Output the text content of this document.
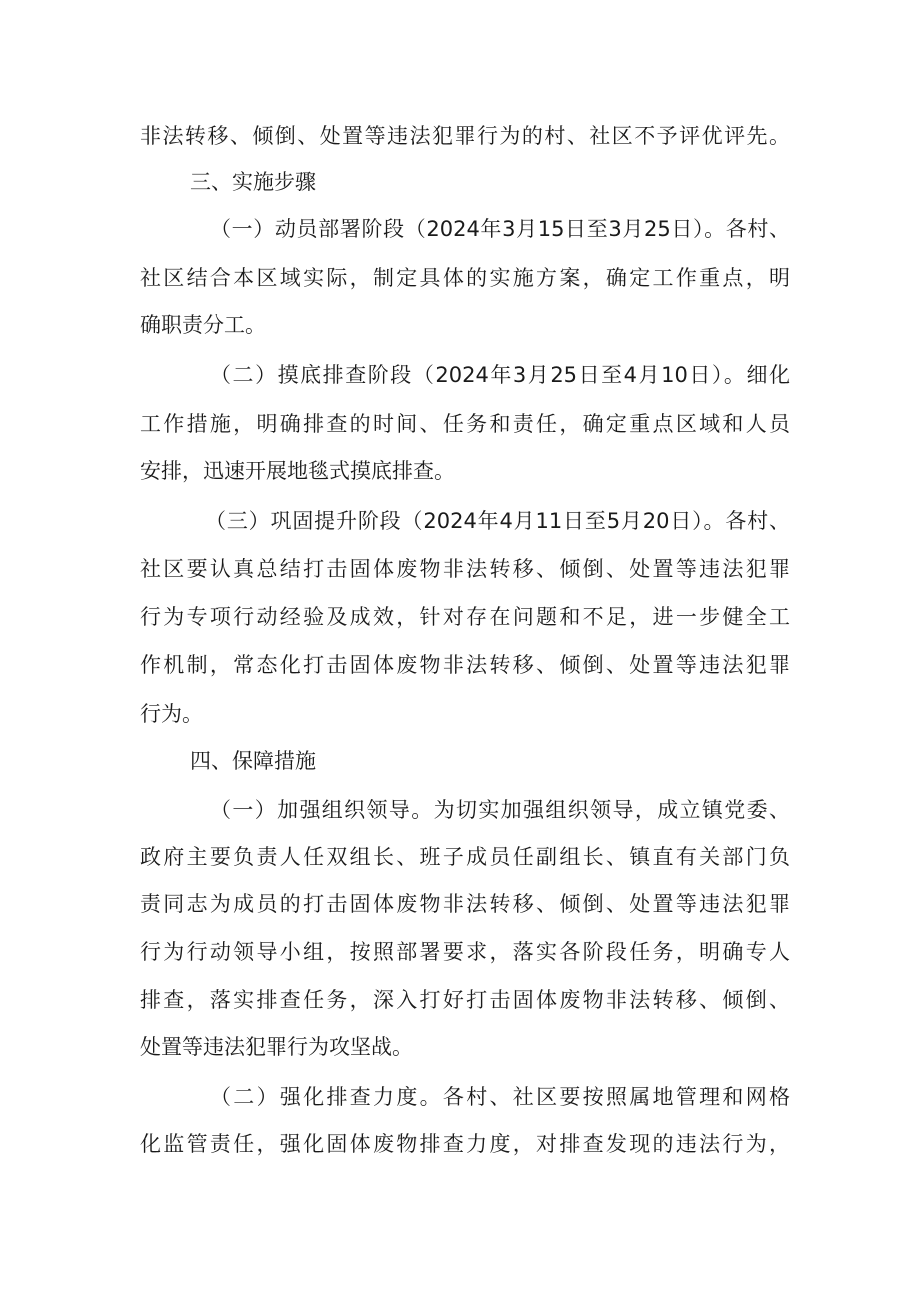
非法转移、倾倒、处置等违法犯罪行为的村、社区不予评优评先。
三、实施步骤
（一）动员部署阶段（2024年3月15日至3月25日）。各村、
社区结合本区域实际，制定具体的实施方案，确定工作重点，明
确职责分工。
（二）摸底排查阶段（2024年3月25日至4月10日）。细化
工作措施，明确排查的时间、任务和责任，确定重点区域和人员
安排，迅速开展地毯式摸底排查。
（三）巩固提升阶段（2024年4月11日至5月20日）。各村、
社区要认真总结打击固体废物非法转移、倾倒、处置等违法犯罪
行为专项行动经验及成效，针对存在问题和不足，进一步健全工
作机制，常态化打击固体废物非法转移、倾倒、处置等违法犯罪
行为。
四、保障措施
（一）加强组织领导。为切实加强组织领导，成立镇党委、
政府主要负责人任双组长、班子成员任副组长、镇直有关部门负
责同志为成员的打击固体废物非法转移、倾倒、处置等违法犯罪
行为行动领导小组，按照部署要求，落实各阶段任务，明确专人
排查，落实排查任务，深入打好打击固体废物非法转移、倾倒、
处置等违法犯罪行为攻坚战。
（二）强化排查力度。各村、社区要按照属地管理和网格
化监管责任，强化固体废物排查力度，对排查发现的违法行为，
